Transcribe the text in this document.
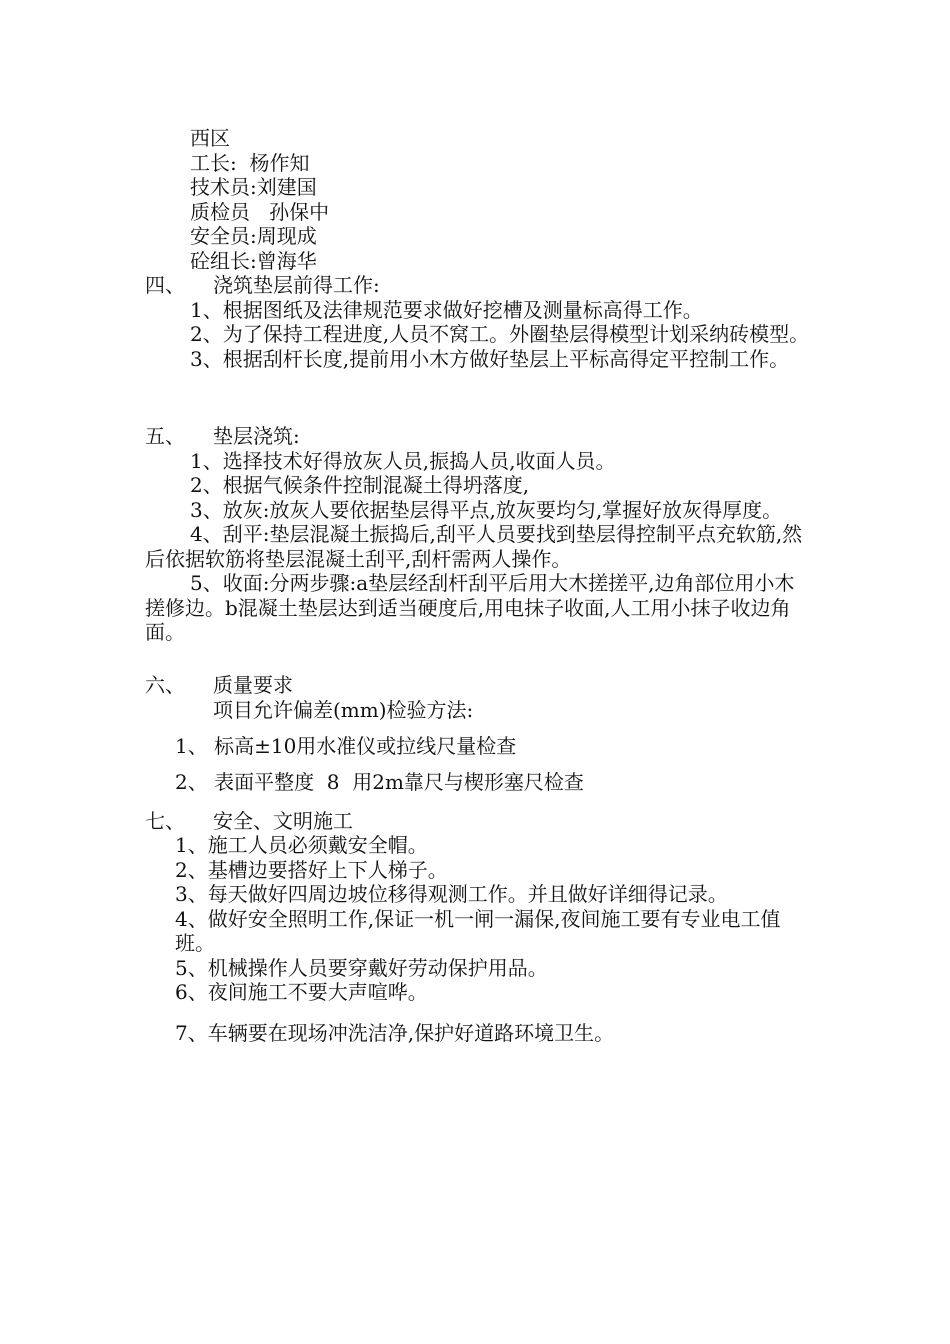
西区
工长:  杨作知
技术员:刘建国
质检员   孙保中
安全员:周现成
砼组长:曾海华
四、 浇筑垫层前得工作:
1、根据图纸及法律规范要求做好挖槽及测量标高得工作。
2、为了保持工程进度,人员不窝工。外圈垫层得模型计划采纳砖模型。
3、根据刮杆长度,提前用小木方做好垫层上平标高得定平控制工作。
五、 垫层浇筑:
1、选择技术好得放灰人员,振捣人员,收面人员。
2、根据气候条件控制混凝土得坍落度,
3、放灰:放灰人要依据垫层得平点,放灰要均匀,掌握好放灰得厚度。
4、刮平:垫层混凝土振捣后,刮平人员要找到垫层得控制平点充软筋,然后依据软筋将垫层混凝土刮平,刮杆需两人操作。
5、收面:分两步骤:a垫层经刮杆刮平后用大木搓搓平,边角部位用小木搓修边。b混凝土垫层达到适当硬度后,用电抹子收面,人工用小抹子收边角面。
六、 质量要求
项目允许偏差(mm)检验方法:
1、 标高±10用水准仪或拉线尺量检查
2、 表面平整度  8  用2m靠尺与楔形塞尺检查
七、 安全、文明施工
1、施工人员必须戴安全帽。
2、基槽边要搭好上下人梯子。
3、每天做好四周边坡位移得观测工作。并且做好详细得记录。
4、做好安全照明工作,保证一机一闸一漏保,夜间施工要有专业电工值班。
5、机械操作人员要穿戴好劳动保护用品。
6、夜间施工不要大声喧哗。
7、车辆要在现场冲洗洁净,保护好道路环境卫生。
